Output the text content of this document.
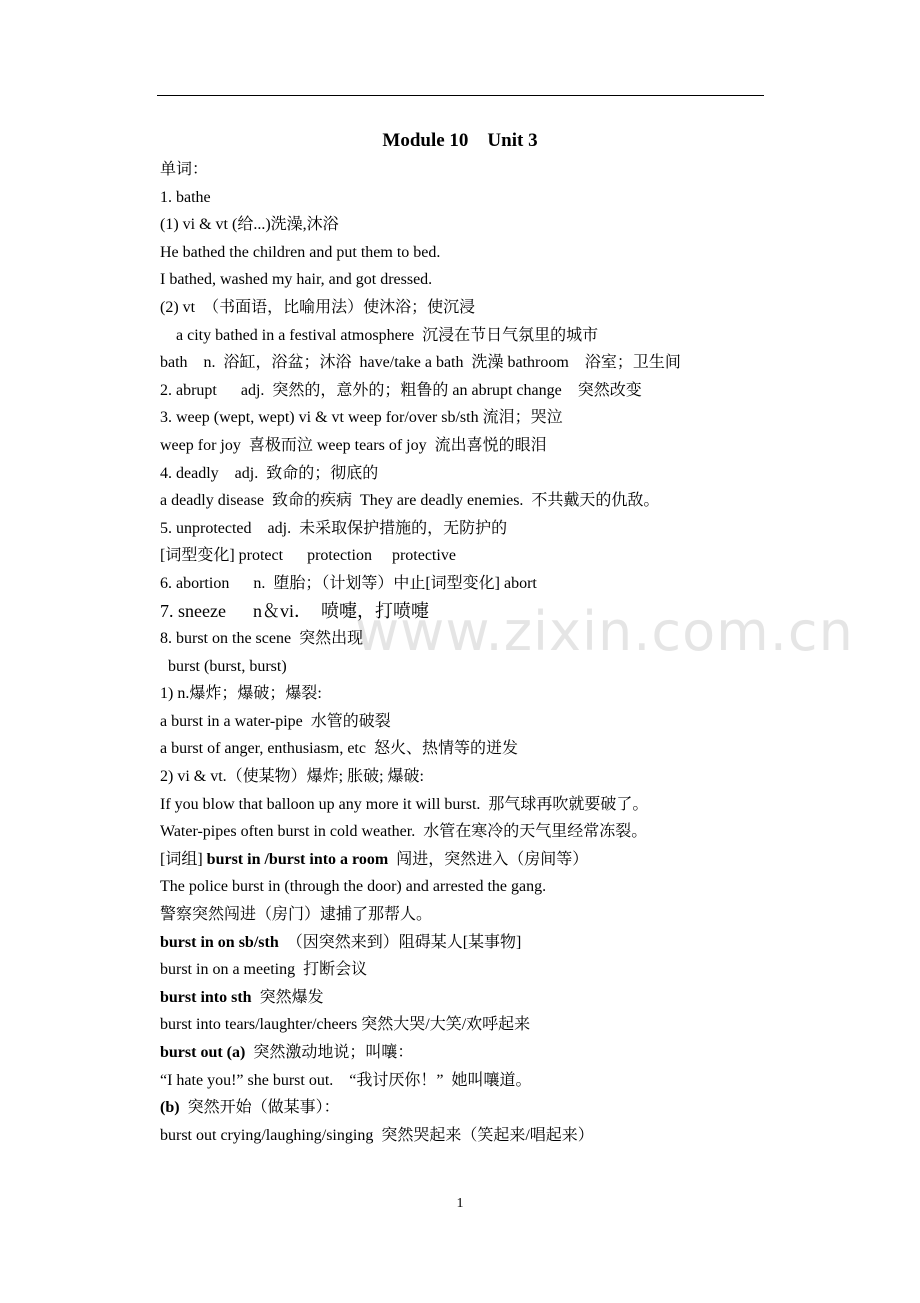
Module 10    Unit 3
单词：
1. bathe
(1) vi & vt (给...)洗澡,沐浴
He bathed the children and put them to bed.
I bathed, washed my hair, and got dressed.
(2) vt  （书面语，比喻用法）使沐浴；使沉浸
a city bathed in a festival atmosphere  沉浸在节日气氛里的城市
bath    n.  浴缸，浴盆；沐浴  have/take a bath  洗澡 bathroom    浴室；卫生间
2. abrupt      adj.  突然的，意外的；粗鲁的 an abrupt change    突然改变
3. weep (wept, wept) vi & vt weep for/over sb/sth 流泪；哭泣
weep for joy  喜极而泣 weep tears of joy  流出喜悦的眼泪
4. deadly    adj.  致命的；彻底的
a deadly disease  致命的疾病  They are deadly enemies.  不共戴天的仇敌。
5. unprotected    adj.  未采取保护措施的，无防护的
[词型变化] protect      protection     protective
6. abortion      n.  堕胎；（计划等）中止[词型变化] abort
7. sneeze      n＆vi．  喷嚏，打喷嚏
8. burst on the scene  突然出现
burst (burst, burst)
1) n.爆炸；爆破；爆裂:
a burst in a water-pipe  水管的破裂
a burst of anger, enthusiasm, etc  怒火、热情等的迸发
2) vi & vt.（使某物）爆炸; 胀破; 爆破:
If you blow that balloon up any more it will burst.  那气球再吹就要破了。
Water-pipes often burst in cold weather.  水管在寒冷的天气里经常冻裂。
[词组] burst in /burst into a room  闯进，突然进入（房间等）
The police burst in (through the door) and arrested the gang.
警察突然闯进（房门）逮捕了那帮人。
burst in on sb/sth  （因突然来到）阻碍某人[某事物]
burst in on a meeting  打断会议
burst into sth  突然爆发
burst into tears/laughter/cheers 突然大哭/大笑/欢呼起来
burst out (a)  突然激动地说；叫嚷：
“I hate you!” she burst out.    “我讨厌你！”  她叫嚷道。
(b)  突然开始（做某事）：
burst out crying/laughing/singing  突然哭起来（笑起来/唱起来）
www.zixin.com.cn
1
